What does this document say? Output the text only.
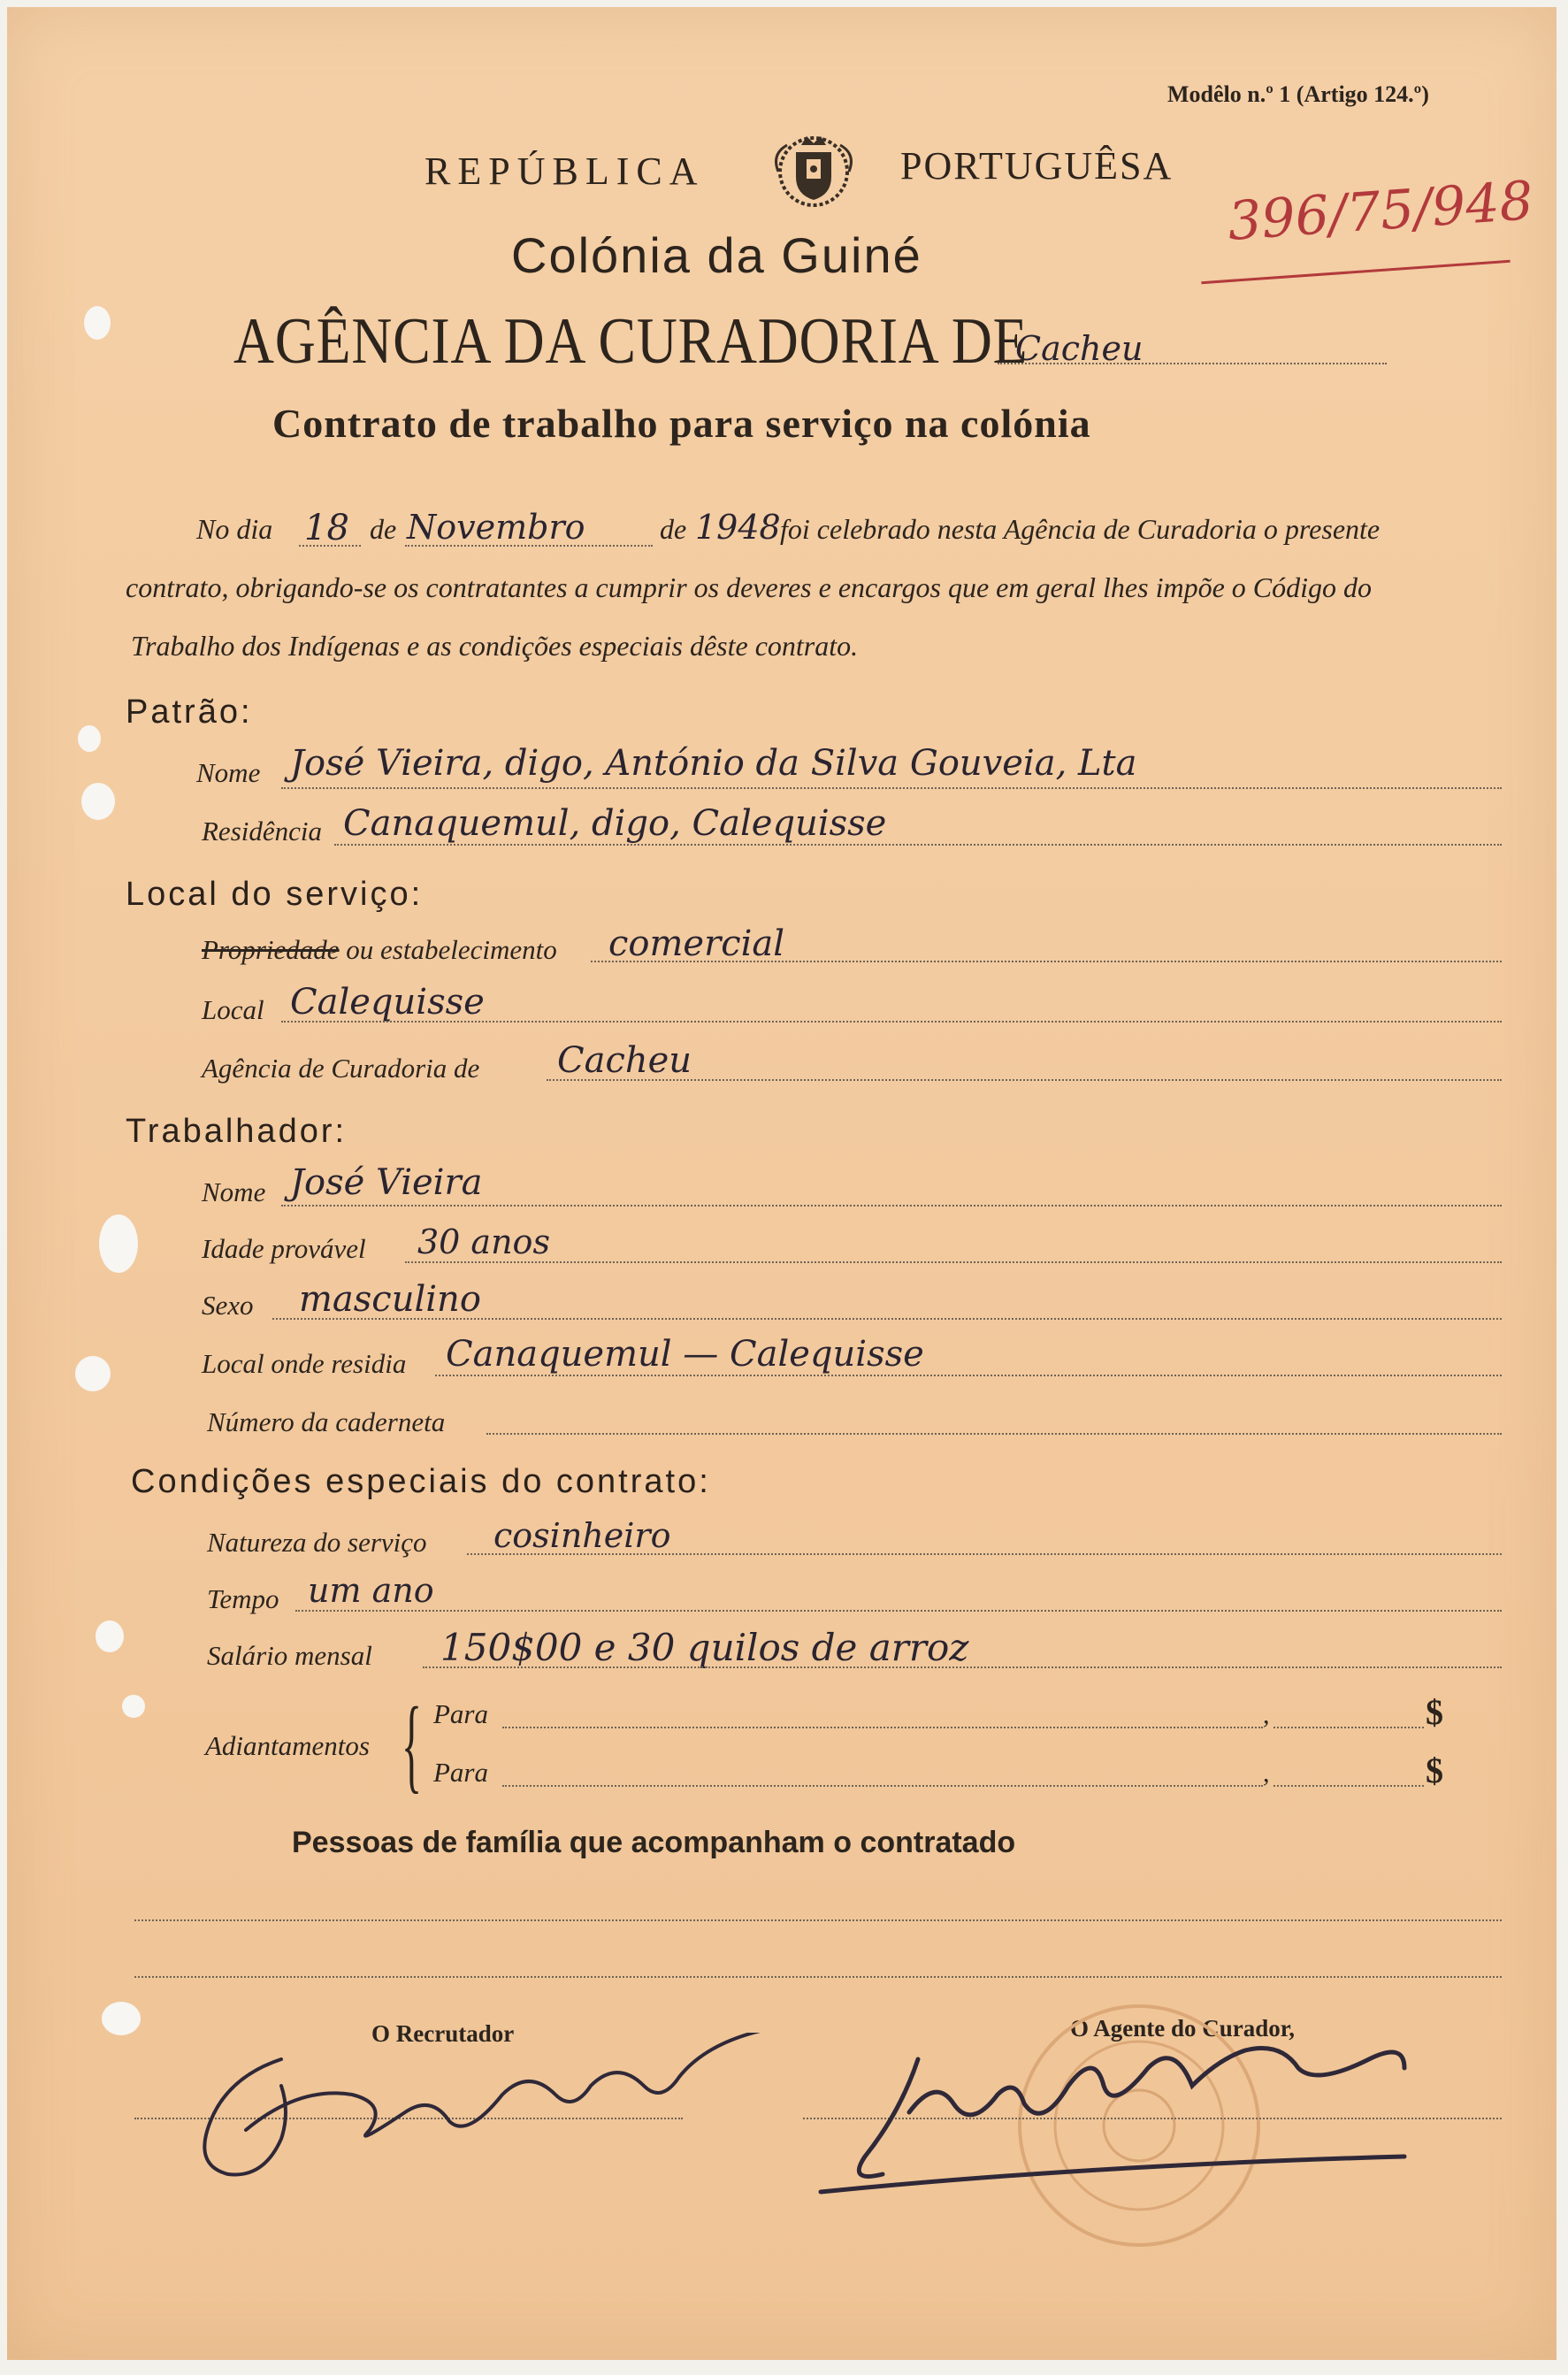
Modêlo n.º 1 (Artigo 124.º)
REPÚBLICA	PORTUGUÊSA
396/75/948
Colónia da Guiné
AGÊNCIA DA CURADORIA DE
Cacheu
Contrato de trabalho para serviço na colónia
No dia 18 de Novembro	de 1948 foi celebrado nesta Agência de Curadoria o presente
contrato, obrigando-se os contratantes a cumprir os deveres e encargos que em geral lhes impõe o Código do
Trabalho dos Indígenas e as condições especiais dêste contrato.
Patrão:
Nome José Vieira, digo, António da Silva Gouveia, Lta
Residência Canaquemul, digo, Calequisse
Local do serviço:
Propriedade ou estabelecimento comercial
Local Calequisse
Agência de Curadoria de Cacheu
Trabalhador:
Nome José Vieira
Idade provável 30 anos
Sexo masculino
Local onde residia Canaquemul — Calequisse
Número da caderneta
Condições especiais do contrato:
Natureza do serviço cosinheiro
Tempo um ano
Salário mensal 150$00 e 30 quilos de arroz
Adiantamentos { Para	,	$
Para	,	$
Pessoas de família que acompanham o contratado
O Recrutador	O Agente do Curador,
